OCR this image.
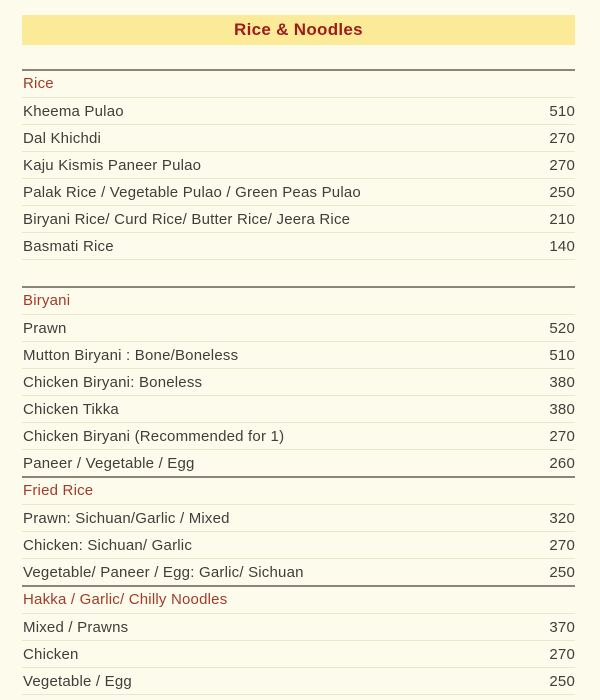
Rice & Noodles
Rice
Kheema Pulao	510
Dal Khichdi	270
Kaju Kismis Paneer Pulao	270
Palak Rice / Vegetable Pulao / Green Peas Pulao	250
Biryani Rice/ Curd Rice/ Butter Rice/ Jeera Rice	210
Basmati Rice	140
Biryani
Prawn	520
Mutton Biryani : Bone/Boneless	510
Chicken Biryani: Boneless	380
Chicken Tikka	380
Chicken Biryani (Recommended for 1)	270
Paneer / Vegetable / Egg	260
Fried Rice
Prawn: Sichuan/Garlic / Mixed	320
Chicken: Sichuan/ Garlic	270
Vegetable/ Paneer / Egg: Garlic/ Sichuan	250
Hakka / Garlic/ Chilly Noodles
Mixed / Prawns	370
Chicken	270
Vegetable / Egg	250
